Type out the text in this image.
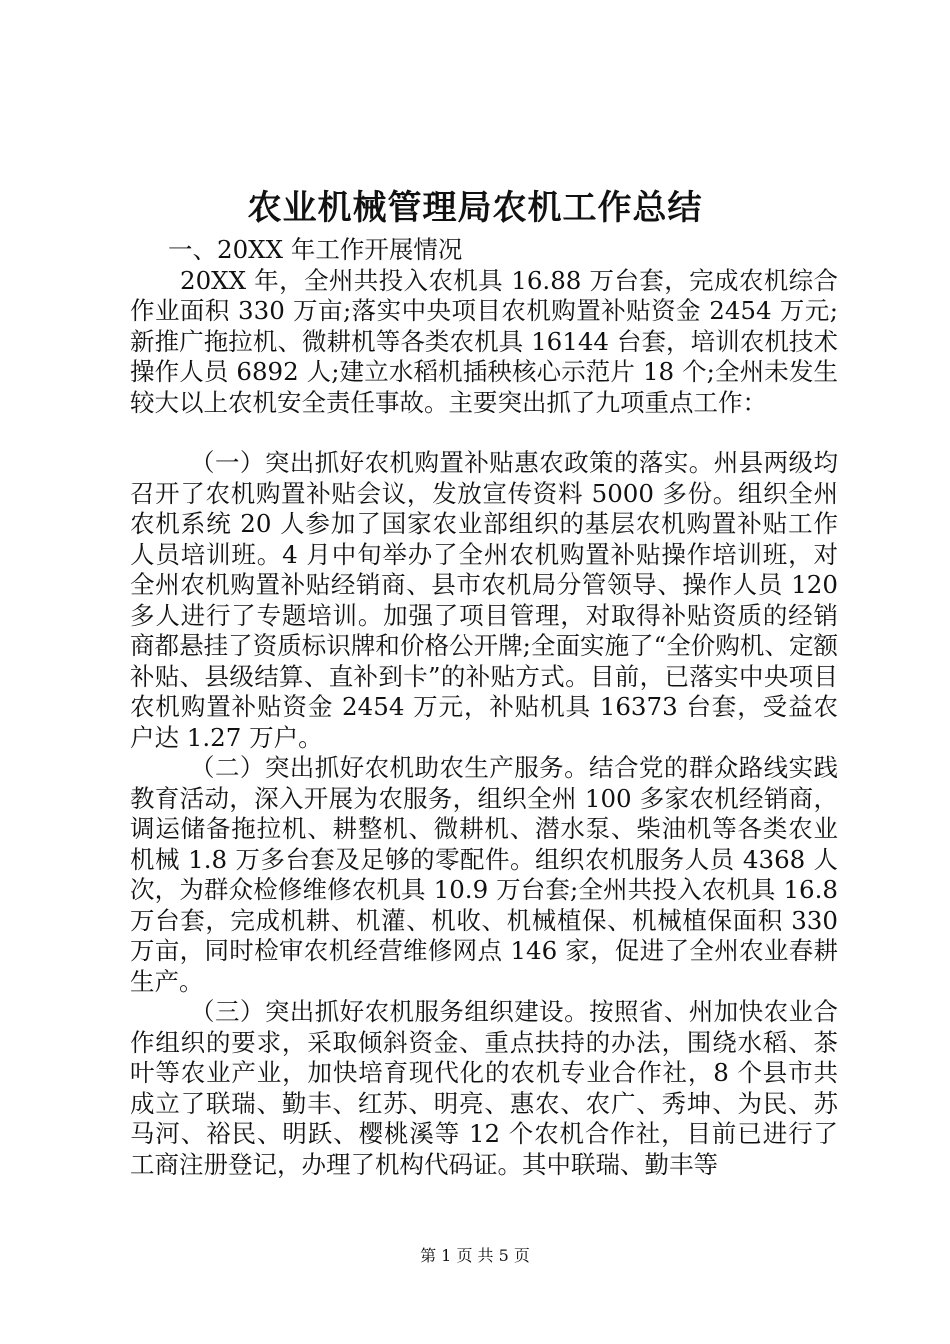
农业机械管理局农机工作总结

一、20XX 年工作开展情况

20XX 年，全州共投入农机具 16.88 万台套，完成农机综合作业面积 330 万亩;落实中央项目农机购置补贴资金 2454 万元;新推广拖拉机、微耕机等各类农机具 16144 台套，培训农机技术操作人员 6892 人;建立水稻机插秧核心示范片 18 个;全州未发生较大以上农机安全责任事故。主要突出抓了九项重点工作：

（一）突出抓好农机购置补贴惠农政策的落实。州县两级均召开了农机购置补贴会议，发放宣传资料 5000 多份。组织全州农机系统 20 人参加了国家农业部组织的基层农机购置补贴工作人员培训班。4 月中旬举办了全州农机购置补贴操作培训班，对全州农机购置补贴经销商、县市农机局分管领导、操作人员 120 多人进行了专题培训。加强了项目管理，对取得补贴资质的经销商都悬挂了资质标识牌和价格公开牌;全面实施了“全价购机、定额补贴、县级结算、直补到卡”的补贴方式。目前，已落实中央项目农机购置补贴资金 2454 万元，补贴机具 16373 台套，受益农户达 1.27 万户。

（二）突出抓好农机助农生产服务。结合党的群众路线实践教育活动，深入开展为农服务，组织全州 100 多家农机经销商，调运储备拖拉机、耕整机、微耕机、潜水泵、柴油机等各类农业机械 1.8 万多台套及足够的零配件。组织农机服务人员 4368 人次，为群众检修维修农机具 10.9 万台套;全州共投入农机具 16.8 万台套，完成机耕、机灌、机收、机械植保、机械植保面积 330 万亩，同时检审农机经营维修网点 146 家，促进了全州农业春耕生产。

（三）突出抓好农机服务组织建设。按照省、州加快农业合作组织的要求，采取倾斜资金、重点扶持的办法，围绕水稻、茶叶等农业产业，加快培育现代化的农机专业合作社，8 个县市共成立了联瑞、勤丰、红苏、明亮、惠农、农广、秀坤、为民、苏马河、裕民、明跃、樱桃溪等 12 个农机合作社，目前已进行了工商注册登记，办理了机构代码证。其中联瑞、勤丰等

第 1 页 共 5 页
